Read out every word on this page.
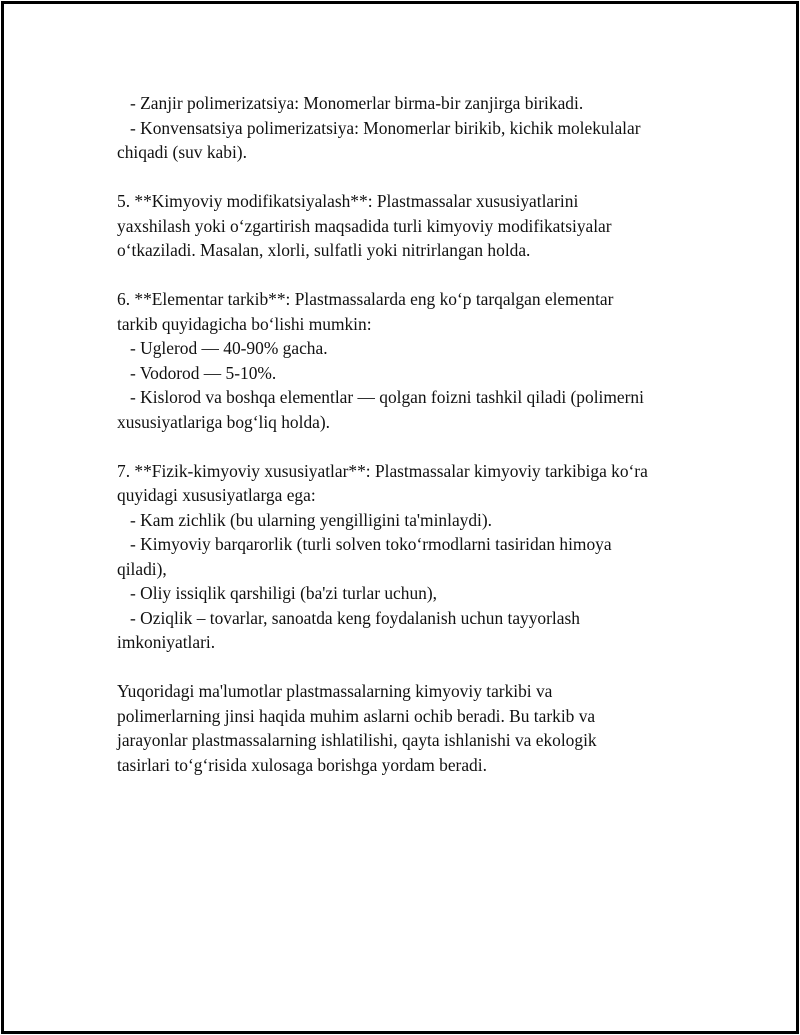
- Zanjir polimerizatsiya: Monomerlar birma-bir zanjirga birikadi.
- Konvensatsiya polimerizatsiya: Monomerlar birikib, kichik molekulalar
chiqadi (suv kabi).
5. **Kimyoviy modifikatsiyalash**: Plastmassalar xususiyatlarini
yaxshilash yoki oʻzgartirish maqsadida turli kimyoviy modifikatsiyalar
oʻtkaziladi. Masalan, xlorli, sulfatli yoki nitrirlangan holda.
6. **Elementar tarkib**: Plastmassalarda eng koʻp tarqalgan elementar
tarkib quyidagicha boʻlishi mumkin:
- Uglerod — 40-90% gacha.
- Vodorod — 5-10%.
- Kislorod va boshqa elementlar — qolgan foizni tashkil qiladi (polimerni
xususiyatlariga bogʻliq holda).
7. **Fizik-kimyoviy xususiyatlar**: Plastmassalar kimyoviy tarkibiga koʻra
quyidagi xususiyatlarga ega:
- Kam zichlik (bu ularning yengilligini ta'minlaydi).
- Kimyoviy barqarorlik (turli solven tokoʻrmodlarni tasiridan himoya
qiladi),
- Oliy issiqlik qarshiligi (ba'zi turlar uchun),
- Oziqlik – tovarlar, sanoatda keng foydalanish uchun tayyorlash
imkoniyatlari.
Yuqoridagi ma'lumotlar plastmassalarning kimyoviy tarkibi va
polimerlarning jinsi haqida muhim aslarni ochib beradi. Bu tarkib va
jarayonlar plastmassalarning ishlatilishi, qayta ishlanishi va ekologik
tasirlari toʻgʻrisida xulosaga borishga yordam beradi.
